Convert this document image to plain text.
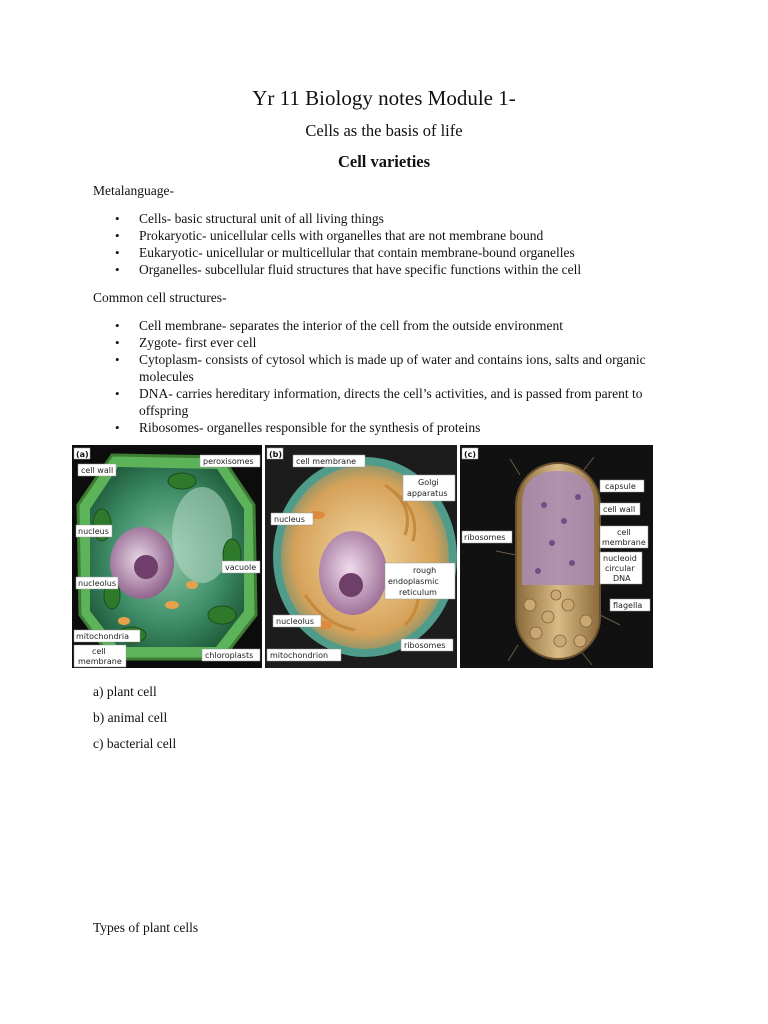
Yr 11 Biology notes Module 1-
Cells as the basis of life
Cell varieties
Metalanguage-
• Cells- basic structural unit of all living things
• Prokaryotic- unicellular cells with organelles that are not membrane bound
• Eukaryotic- unicellular or multicellular that contain membrane-bound organelles
• Organelles- subcellular fluid structures that have specific functions within the cell
Common cell structures-
• Cell membrane- separates the interior of the cell from the outside environment
• Zygote- first ever cell
• Cytoplasm- consists of cytosol which is made up of water and contains ions, salts and organic molecules
• DNA- carries hereditary information, directs the cell’s activities, and is passed from parent to offspring
• Ribosomes- organelles responsible for the synthesis of proteins
(a)
cell wall
peroxisomes
nucleus
vacuole
nucleolus
mitochondria
cell
membrane
chloroplasts
(b)
cell membrane
Golgi
apparatus
nucleus
rough
endoplasmic
reticulum
nucleolus
ribosomes
mitochondrion
(c)
capsule
cell wall
ribosomes
cell
membrane
nucleoid
circular
DNA
flagella
a) plant cell
b) animal cell
c) bacterial cell
Types of plant cells
